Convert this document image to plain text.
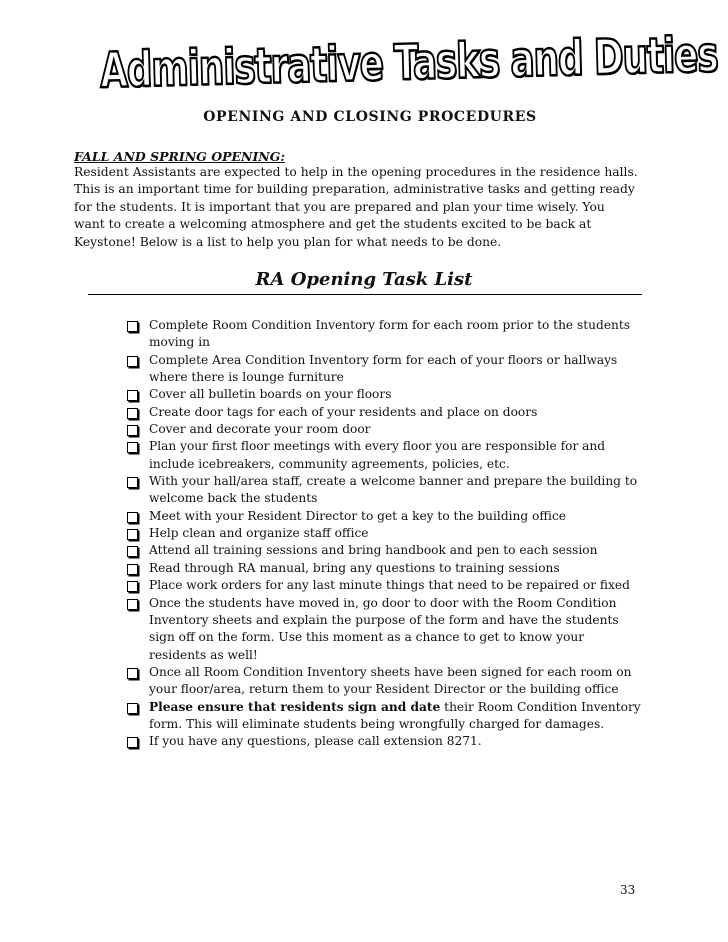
Administrative Tasks and Duties
OPENING AND CLOSING PROCEDURES
FALL AND SPRING OPENING:

Resident Assistants are expected to help in the opening procedures in the residence halls.

This is an important time for building preparation, administrative tasks and getting ready

for the students. It is important that you are prepared and plan your time wisely. You

want to create a welcoming atmosphere and get the students excited to be back at

Keystone! Below is a list to help you plan for what needs to be done.

RA Opening Task List
Complete Room Condition Inventory form for each room prior to the students
moving in
Complete Area Condition Inventory form for each of your floors or hallways
where there is lounge furniture
Cover all bulletin boards on your floors
Create door tags for each of your residents and place on doors
Cover and decorate your room door
Plan your first floor meetings with every floor you are responsible for and
include icebreakers, community agreements, policies, etc.
With your hall/area staff, create a welcome banner and prepare the building to
welcome back the students
Meet with your Resident Director to get a key to the building office
Help clean and organize staff office
Attend all training sessions and bring handbook and pen to each session
Read through RA manual, bring any questions to training sessions
Place work orders for any last minute things that need to be repaired or fixed
Once the students have moved in, go door to door with the Room Condition
Inventory sheets and explain the purpose of the form and have the students
sign off on the form. Use this moment as a chance to get to know your
residents as well!
Once all Room Condition Inventory sheets have been signed for each room on
your floor/area, return them to your Resident Director or the building office
Please ensure that residents sign and date their Room Condition Inventory
form. This will eliminate students being wrongfully charged for damages.
If you have any questions, please call extension 8271.
33
